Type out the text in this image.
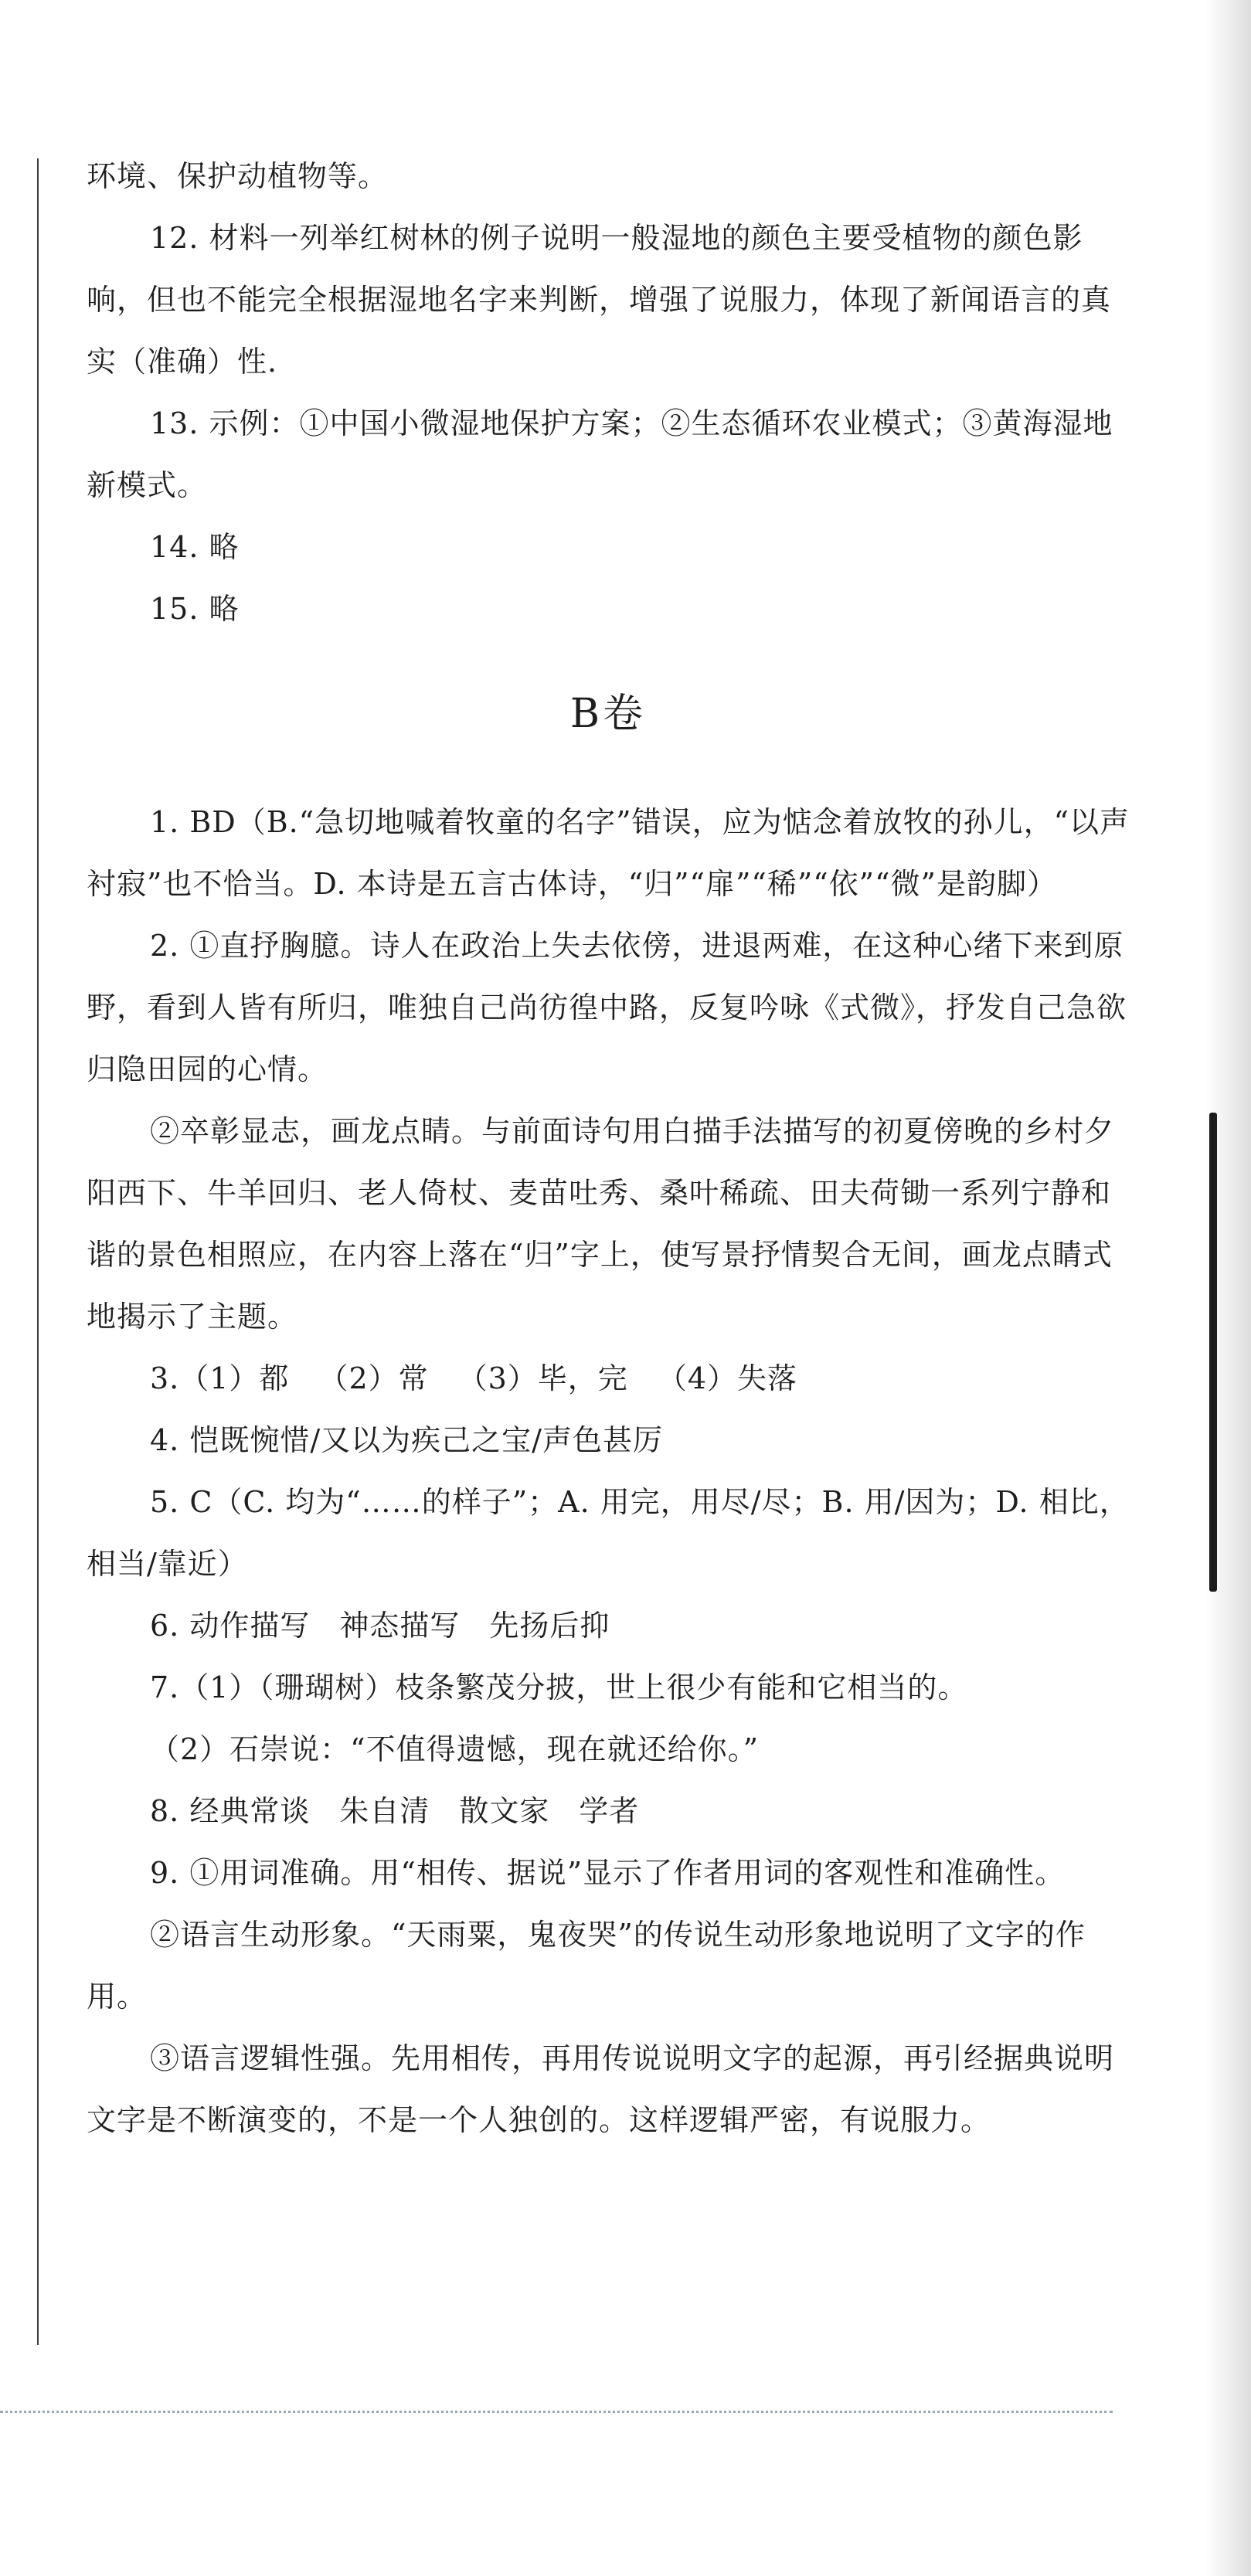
环境、保护动植物等。

12. 材料一列举红树林的例子说明一般湿地的颜色主要受植物的颜色影响，但也不能完全根据湿地名字来判断，增强了说服力，体现了新闻语言的真实（准确）性.

13. 示例：①中国小微湿地保护方案；②生态循环农业模式；③黄海湿地新模式。

14. 略

15. 略

B卷

1. BD（B.“急切地喊着牧童的名字”错误，应为惦念着放牧的孙儿，“以声衬寂”也不恰当。D. 本诗是五言古体诗，“归”“扉”“稀”“依”“微”是韵脚）

2. ①直抒胸臆。诗人在政治上失去依傍，进退两难，在这种心绪下来到原野，看到人皆有所归，唯独自己尚彷徨中路，反复吟咏《式微》，抒发自己急欲归隐田园的心情。

②卒彰显志，画龙点睛。与前面诗句用白描手法描写的初夏傍晚的乡村夕阳西下、牛羊回归、老人倚杖、麦苗吐秀、桑叶稀疏、田夫荷锄一系列宁静和谐的景色相照应，在内容上落在“归”字上，使写景抒情契合无间，画龙点睛式地揭示了主题。

3.（1）都 （2）常 （3）毕，完 （4）失落

4. 恺既惋惜/又以为疾己之宝/声色甚厉

5. C（C. 均为“……的样子”；A. 用完，用尽/尽；B. 用/因为；D. 相比，相当/靠近）

6. 动作描写 神态描写 先扬后抑

7.（1）（珊瑚树）枝条繁茂分披，世上很少有能和它相当的。

（2）石崇说：“不值得遗憾，现在就还给你。”

8. 经典常谈 朱自清 散文家 学者

9. ①用词准确。用“相传、据说”显示了作者用词的客观性和准确性。

②语言生动形象。“天雨粟，鬼夜哭”的传说生动形象地说明了文字的作用。

③语言逻辑性强。先用相传，再用传说说明文字的起源，再引经据典说明文字是不断演变的，不是一个人独创的。这样逻辑严密，有说服力。
